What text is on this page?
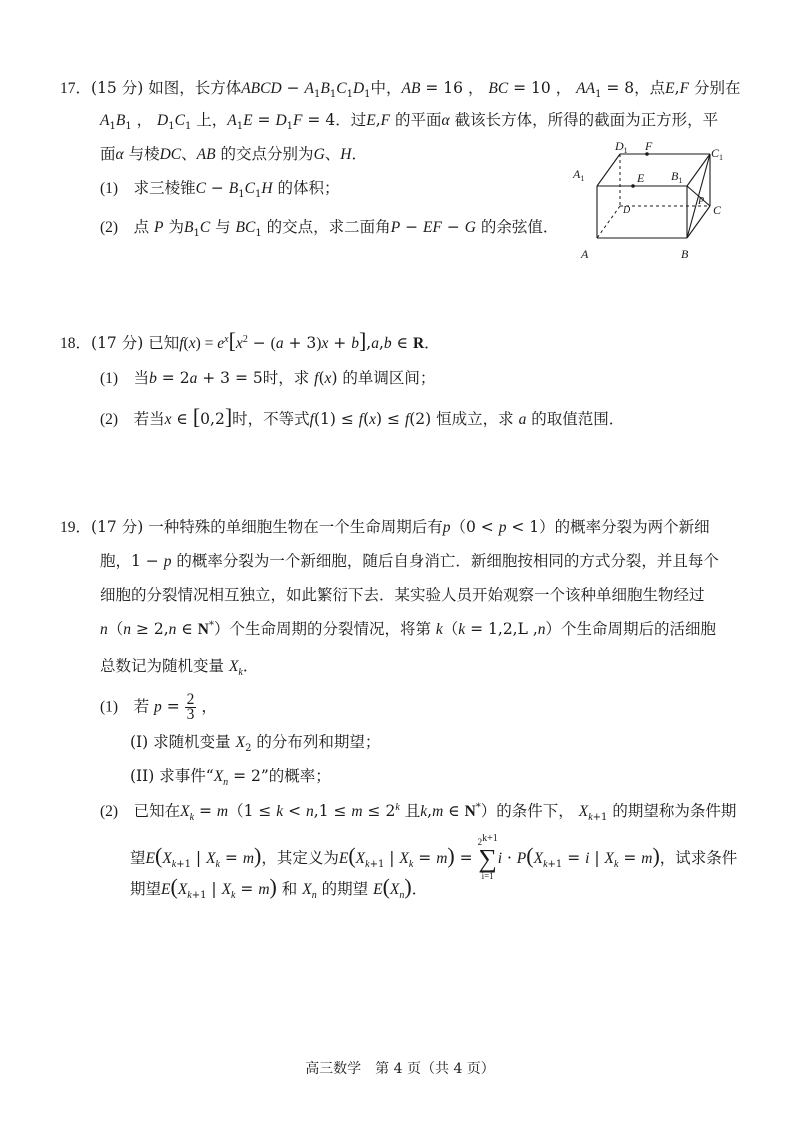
17．(15 分) 如图，长方体ABCD − $A_1B_1C_1D_1$中，AB = 16 ， BC = 10 ， $AA_1 = 8$，点E,F 分别在
$A_1B_1$ ， $D_1C_1$ 上，$A_1E = D_1F = 4$．过E,F 的平面α 截该长方体，所得的截面为正方形，平
面α 与棱DC、AB 的交点分别为G、H．
(1)　 求三棱锥$C - B_1C_1H$ 的体积；
(2)　 点 P 为$B_1C$ 与 $BC_1$ 的交点，求二面角P − EF − G 的余弦值．
$D_1$ F	$C_1$
$A_1$	E $B_1$
D
P
C
A	B
18．(17 分) 已知$f(x) = e^x[x^2 - (a + 3)x + b],a,b$ ∈ R．
(1)　 当b = 2a + 3 = 5时，求 f(x) 的单调区间；
(2)　 若当x ∈ [0,2]时，不等式f(1) ≤ f(x) ≤ f(2) 恒成立，求 a 的取值范围．
19．(17 分) 一种特殊的单细胞生物在一个生命周期后有p（0 < p < 1）的概率分裂为两个新细
胞，1 − p 的概率分裂为一个新细胞，随后自身消亡．新细胞按相同的方式分裂，并且每个
细胞的分裂情况相互独立，如此繁衍下去．某实验人员开始观察一个该种单细胞生物经过
n（n ≥ 2,n ∈ N*）个生命周期的分裂情况，将第 k（k = 1,2,L ,n）个生命周期后的活细胞
总数记为随机变量 $X_k$．
(1)　 若 $p = \frac{2}{3}$ ，
(I) 求随机变量 $X_2$ 的分布列和期望；
(II) 求事件“$X_n = 2$”的概率；
(2)　 已知在$X_k = m(1 \le k < n,1 \le m \le 2^k$ 且k,m ∈ N*）的条件下， $X_{k+1}$ 的期望称为条件期
望$E(X_{k+1}$ | $X_k = m$)，其定义为$E(X_{k+1}$ | $X_k = m$) =
$2^{k+1}$
∑
i=1
$i \cdot P(X_{k+1} = i$ | $X_k = m$)，试求条件
期望$E(X_{k+1}$ | $X_k = m$) 和 $X_n$ 的期望 $E(X_n)$．
高三数学　第 4 页（共 4 页）
